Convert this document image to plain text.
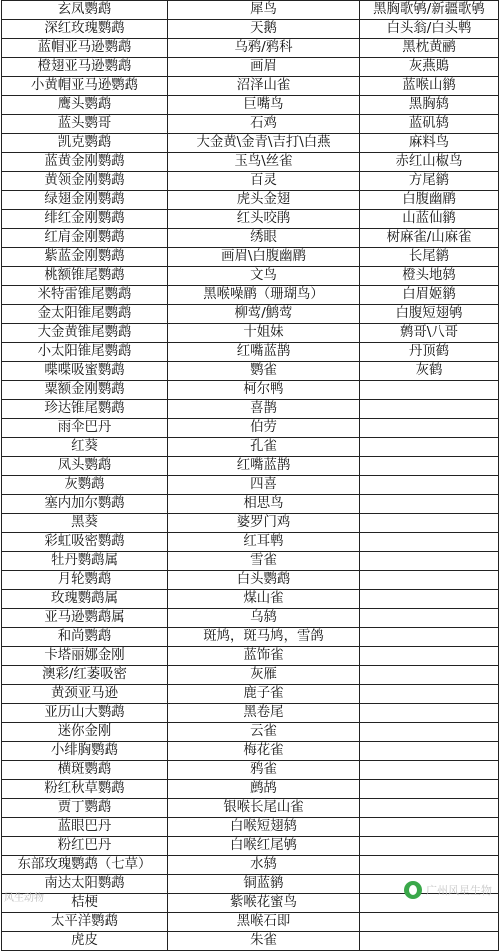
玄凤鹦鹉	犀鸟	黑胸歌鸲/新疆歌鸲
深红玫瑰鹦鹉	天鹅	白头翁/白头鹎
蓝帽亚马逊鹦鹉	乌鸦/鸦科	黑枕黄鹂
橙翅亚马逊鹦鹉	画眉	灰燕鵙
小黄帽亚马逊鹦鹉	沼泽山雀	蓝喉山鹟
鹰头鹦鹉	巨嘴鸟	黑胸鸫
蓝头鹦哥	石鸡	蓝矶鸫
凯克鹦鹉	大金黄\金青\吉打\白燕	麻料鸟
蓝黄金刚鹦鹉	玉鸟\丝雀	赤红山椒鸟
黄领金刚鹦鹉	百灵	方尾鹟
绿翅金刚鹦鹉	虎头金翅	白腹幽鹛
绯红金刚鹦鹉	红头咬鹃	山蓝仙鹟
红肩金刚鹦鹉	绣眼	树麻雀/山麻雀
紫蓝金刚鹦鹉	画眉\白腹幽鹛	长尾鹟
桃额锥尾鹦鹉	文鸟	橙头地鸫
米特雷锥尾鹦鹉	黑喉噪鹛（珊瑚鸟）	白眉姬鹟
金太阳锥尾鹦鹉	柳莺/鹪莺	白腹短翅鸲
大金黄锥尾鹦鹉	十姐妹	鹩哥\八哥
小太阳锥尾鹦鹉	红嘴蓝鹊	丹顶鹤
喋喋吸蜜鹦鹉	鹦雀	灰鹤
粟额金刚鹦鹉	柯尔鸭	
珍达锥尾鹦鹉	喜鹊	
雨伞巴丹	伯劳	
红葵	孔雀	
凤头鹦鹉	红嘴蓝鹊	
灰鹦鹉	四喜	
塞内加尔鹦鹉	相思鸟	
黑葵	婆罗门鸡	
彩虹吸密鹦鹉	红耳鹎	
牡丹鹦鹉属	雪雀	
月轮鹦鹉	白头鹦鹉	
玫瑰鹦鹉属	煤山雀	
亚马逊鹦鹉属	乌鸫	
和尚鹦鹉	斑鸠，斑马鸠，雪鸽	
卡塔丽娜金刚	蓝饰雀	
澳彩/红萎吸密	灰雁	
黄颈亚马逊	鹿子雀	
亚历山大鹦鹉	黑卷尾	
迷你金刚	云雀	
小绯胸鹦鹉	梅花雀	
横斑鹦鹉	鸦雀	
粉红秋草鹦鹉	鹧鸪	
贾丁鹦鹉	银喉长尾山雀	
蓝眼巴丹	白喉短翅鸫	
粉红巴丹	白喉红尾鸲	
东部玫瑰鹦鹉（七草）	水鸫	
南达太阳鹦鹉	铜蓝鹟	
桔梗	紫喉花蜜鸟	
太平洋鹦鹉	黑喉石即	
虎皮	朱雀	
风生动物
广州风星生物
